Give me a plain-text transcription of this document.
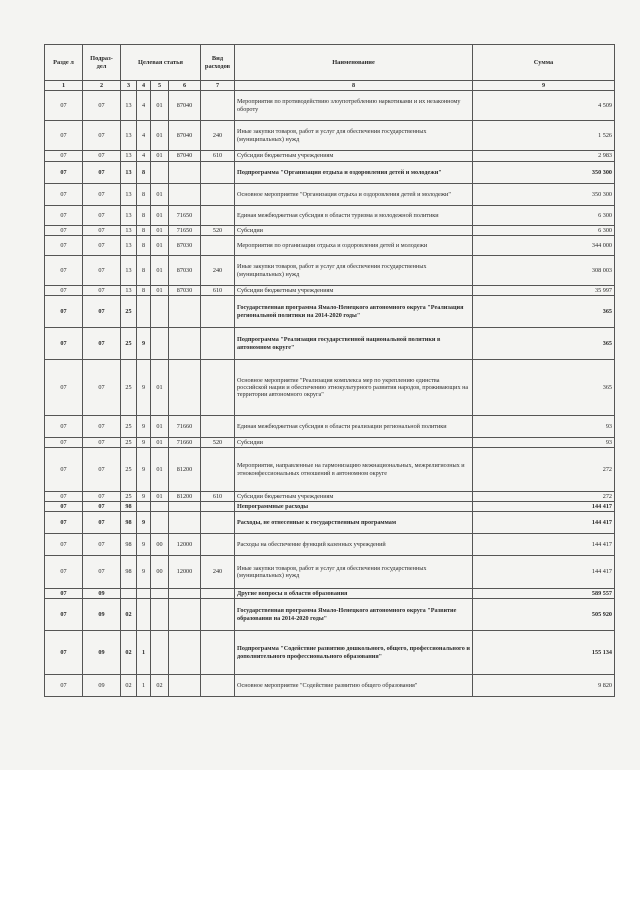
Разде л	Подраз- дел	Целевая статья				Вид расходов	Наименование	Сумма
1	2	3	4	5	6	7	8	9
07	07	13	4	01	87040		Мероприятия по противодействию злоупотреблению наркотиками и их незаконному обороту	4 509
07	07	13	4	01	87040	240	Иные закупки товаров, работ и услуг для обеспечения государственных (муниципальных) нужд	1 526
07	07	13	4	01	87040	610	Субсидии бюджетным учреждениям	2 983
07	07	13	8				Подпрограмма "Организация отдыха и оздоровления детей и молодежи"	350 300
07	07	13	8	01			Основное мероприятие "Организация отдыха и оздоровления детей и молодежи"	350 300
07	07	13	8	01	71650		Единая межбюджетная субсидия в области туризма и молодежной политики	6 300
07	07	13	8	01	71650	520	Субсидии	6 300
07	07	13	8	01	87030		Мероприятия по организации отдыха и оздоровления детей и молодежи	344 000
07	07	13	8	01	87030	240	Иные закупки товаров, работ и услуг для обеспечения государственных (муниципальных) нужд	308 003
07	07	13	8	01	87030	610	Субсидии бюджетным учреждениям	35 997
07	07	25					Государственная программа Ямало-Ненецкого автономного округа "Реализация региональной политики на 2014-2020 годы"	365
07	07	25	9				Подпрограмма "Реализация государственной национальной политики в автономном округе"	365
07	07	25	9	01			Основное мероприятие "Реализация комплекса мер по укреплению единства российской нации и обеспечению этнокультурного развития народов, проживающих на территории автономного округа"	365
07	07	25	9	01	71660		Единая межбюджетная субсидия в области реализации региональной политики	93
07	07	25	9	01	71660	520	Субсидии	93
07	07	25	9	01	81200		Мероприятия, направленные на гармонизацию межнациональных, межрелигиозных и этноконфессиональных отношений в автономном округе	272
07	07	25	9	01	81200	610	Субсидии бюджетным учреждениям	272
07	07	98					Непрограммные расходы	144 417
07	07	98	9				Расходы, не отнесенные к государственным программам	144 417
07	07	98	9	00	12000		Расходы на обеспечение функций казенных учреждений	144 417
07	07	98	9	00	12000	240	Иные закупки товаров, работ и услуг для обеспечения государственных (муниципальных) нужд	144 417
07	09						Другие вопросы в области образования	589 557
07	09	02					Государственная программа Ямало-Ненецкого автономного округа "Развитие образования на 2014-2020 годы"	505 920
07	09	02	1				Подпрограмма "Содействие развитию дошкольного, общего, профессионального и дополнительного профессионального образования"	155 134
07	09	02	1	02			Основное мероприятие "Содействие развитию общего образования"	9 820
